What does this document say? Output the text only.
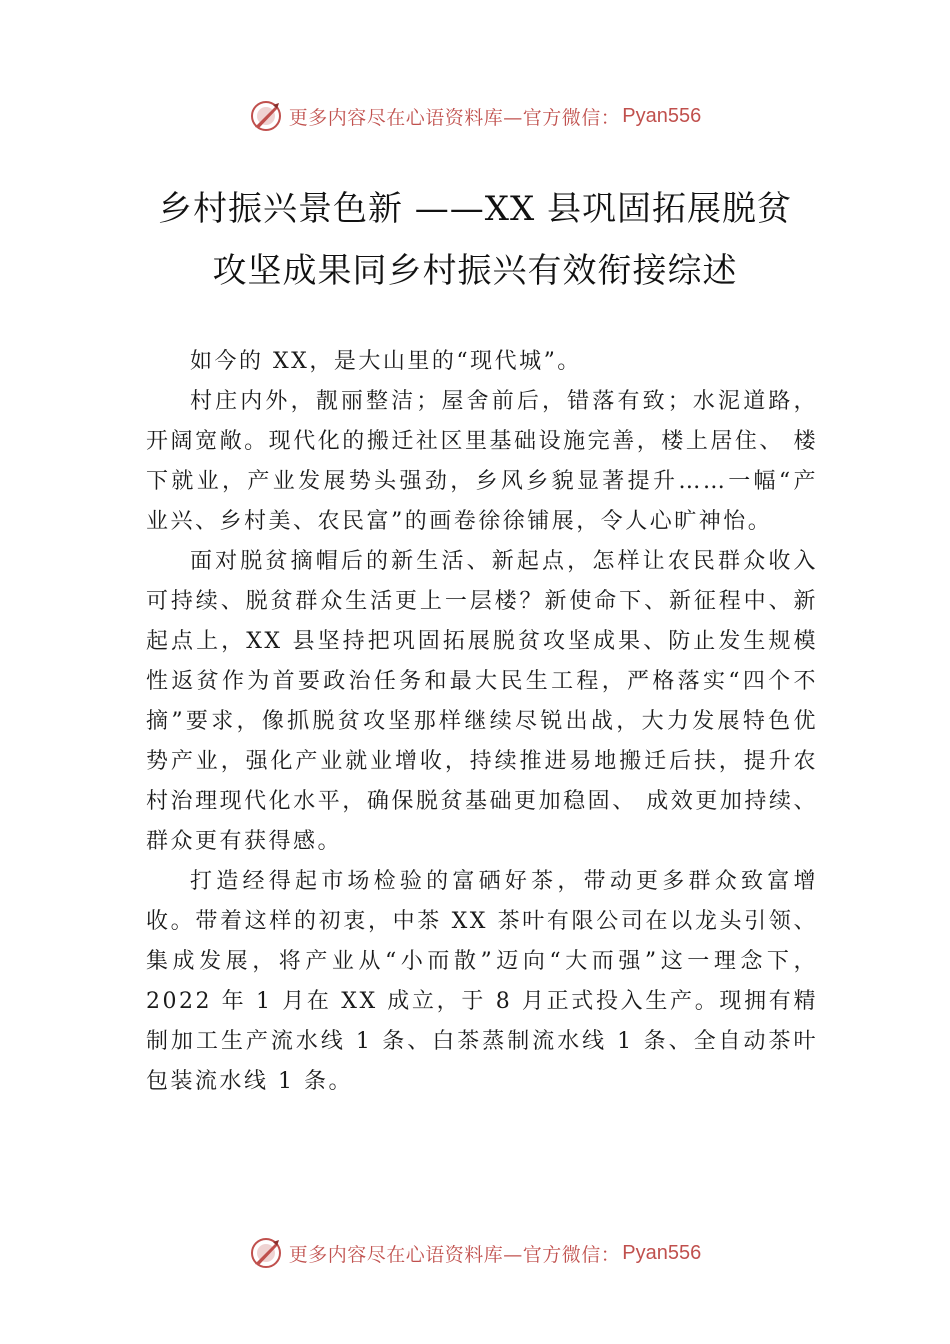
更多内容尽在心语资料库—官方微信： Pyan556
乡村振兴景色新 ——XX 县巩固拓展脱贫
攻坚成果同乡村振兴有效衔接综述

如今的 XX，是大山里的“现代城”。

村庄内外，靓丽整洁；屋舍前后，错落有致；水泥道路，开阔宽敞。现代化的搬迁社区里基础设施完善，楼上居住、 楼下就业，产业发展势头强劲，乡风乡貌显著提升……一幅“产业兴、乡村美、农民富”的画卷徐徐铺展，令人心旷神怡。

面对脱贫摘帽后的新生活、新起点，怎样让农民群众收入可持续、脱贫群众生活更上一层楼？新使命下、新征程中、新起点上，XX 县坚持把巩固拓展脱贫攻坚成果、防止发生规模性返贫作为首要政治任务和最大民生工程，严格落实“四个不摘”要求，像抓脱贫攻坚那样继续尽锐出战，大力发展特色优势产业，强化产业就业增收，持续推进易地搬迁后扶，提升农村治理现代化水平，确保脱贫基础更加稳固、 成效更加持续、群众更有获得感。

打造经得起市场检验的富硒好茶，带动更多群众致富增收。带着这样的初衷，中茶 XX 茶叶有限公司在以龙头引领、集成发展，将产业从“小而散”迈向“大而强”这一理念下，2022 年 1 月在 XX 成立，于 8 月正式投入生产。现拥有精制加工生产流水线 1 条、白茶蒸制流水线 1 条、全自动茶叶包装流水线 1 条。

更多内容尽在心语资料库—官方微信： Pyan556
